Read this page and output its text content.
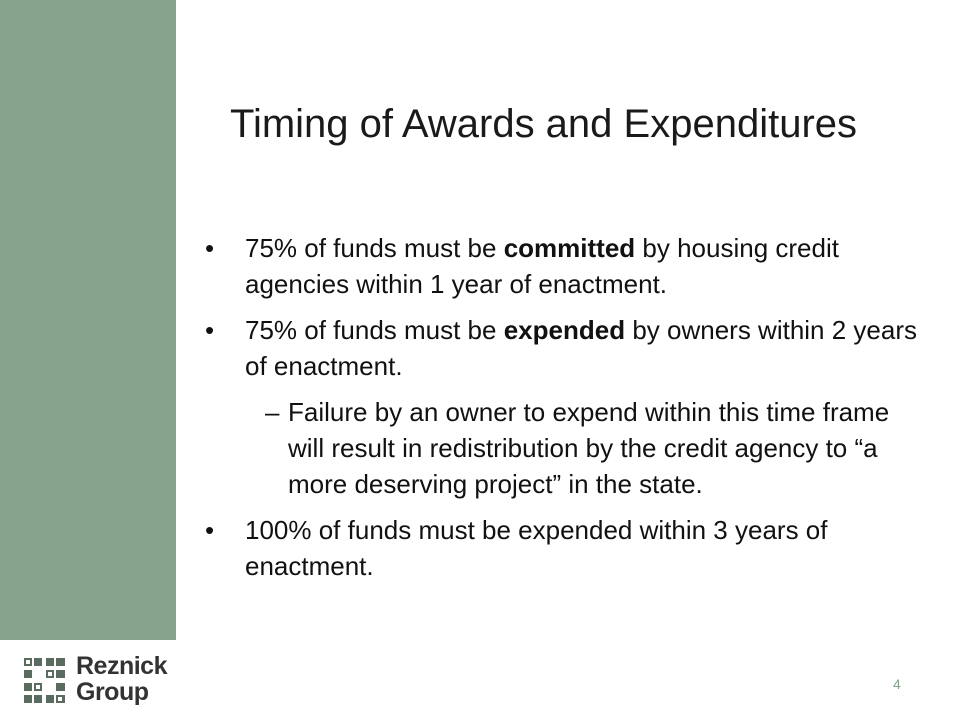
Timing of Awards and Expenditures
•	75% of funds must be committed by housing credit agencies within 1 year of enactment.
•	75% of funds must be expended by owners within 2 years of enactment.
– Failure by an owner to expend within this time frame will result in redistribution by the credit agency to “a more deserving project” in the state.
•	100% of funds must be expended within 3 years of enactment.
Reznick
Group	4
